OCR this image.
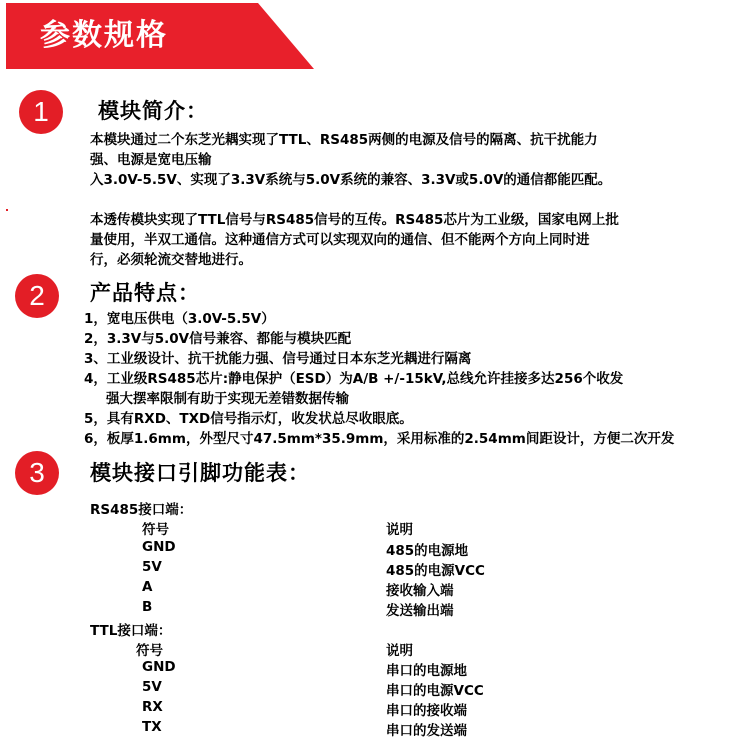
参数规格
1	模块简介：

本模块通过二个东芝光耦实现了TTL、RS485两侧的电源及信号的隔离、抗干扰能力
强、电源是宽电压输
入3.0V-5.5V、实现了3.3V系统与5.0V系统的兼容、3.3V或5.0V的通信都能匹配。

本透传模块实现了TTL信号与RS485信号的互传。RS485芯片为工业级，国家电网上批
量使用，半双工通信。这种通信方式可以实现双向的通信、但不能两个方向上同时进
行，必须轮流交替地进行。

2	产品特点：
1，宽电压供电（3.0V-5.5V）
2，3.3V与5.0V信号兼容、都能与模块匹配
3、工业级设计、抗干扰能力强、信号通过日本东芝光耦进行隔离
4，工业级RS485芯片:静电保护（ESD）为A/B +/-15kV,总线允许挂接多达256个收发
强大摆率限制有助于实现无差错数据传输
5，具有RXD、TXD信号指示灯，收发状总尽收眼底。
6，板厚1.6mm，外型尺寸47.5mm*35.9mm，采用标准的2.54mm间距设计，方便二次开发
3	模块接口引脚功能表：
RS485接口端：
符号	说明
GND	485的电源地
5V	485的电源VCC
A	接收输入端
B	发送输出端
TTL接口端：
符号	说明
GND	串口的电源地
5V	串口的电源VCC
RX	串口的接收端
TX	串口的发送端
